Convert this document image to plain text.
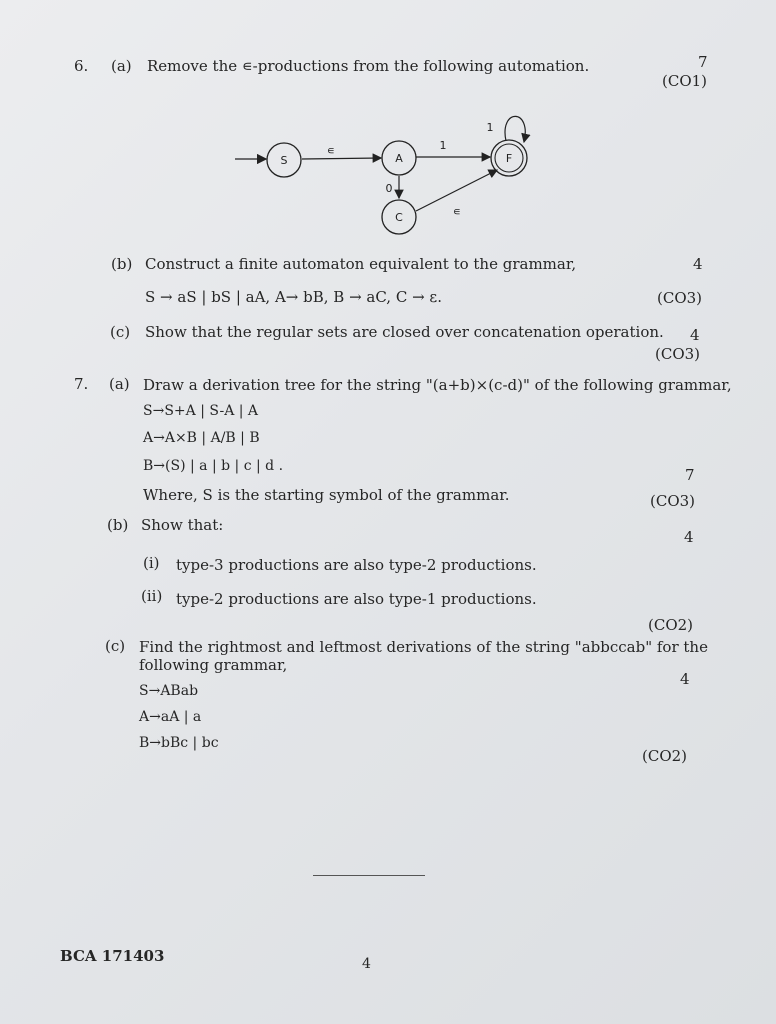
6. (a) Remove the ∊-productions from the following automation.	7
(CO1)
S	A
C
F
∊	1
1
0
∊
(b) Construct a finite automaton equivalent to the grammar,	4
S → aS | bS | aA, A→ bB, B → aC, C → ε.	(CO3)
(c) Show that the regular sets are closed over concatenation operation. 4
(CO3)
7. (a) Draw a derivation tree for the string "(a+b)×(c-d)" of the following grammar,
S→S+A | S-A | A
A→A×B | A/B | B
B→(S) | a | b | c | d .	7
Where, S is the starting symbol of the grammar.	(CO3)
(b) Show that:
4
(i) type-3 productions are also type-2 productions.
(ii) type-2 productions are also type-1 productions.
(CO2)
(c) Find the rightmost and leftmost derivations of the string "abbccab" for the
following grammar,
4
S→ABab
A→aA | a
B→bBc | bc
(CO2)
BCA 171403	4
